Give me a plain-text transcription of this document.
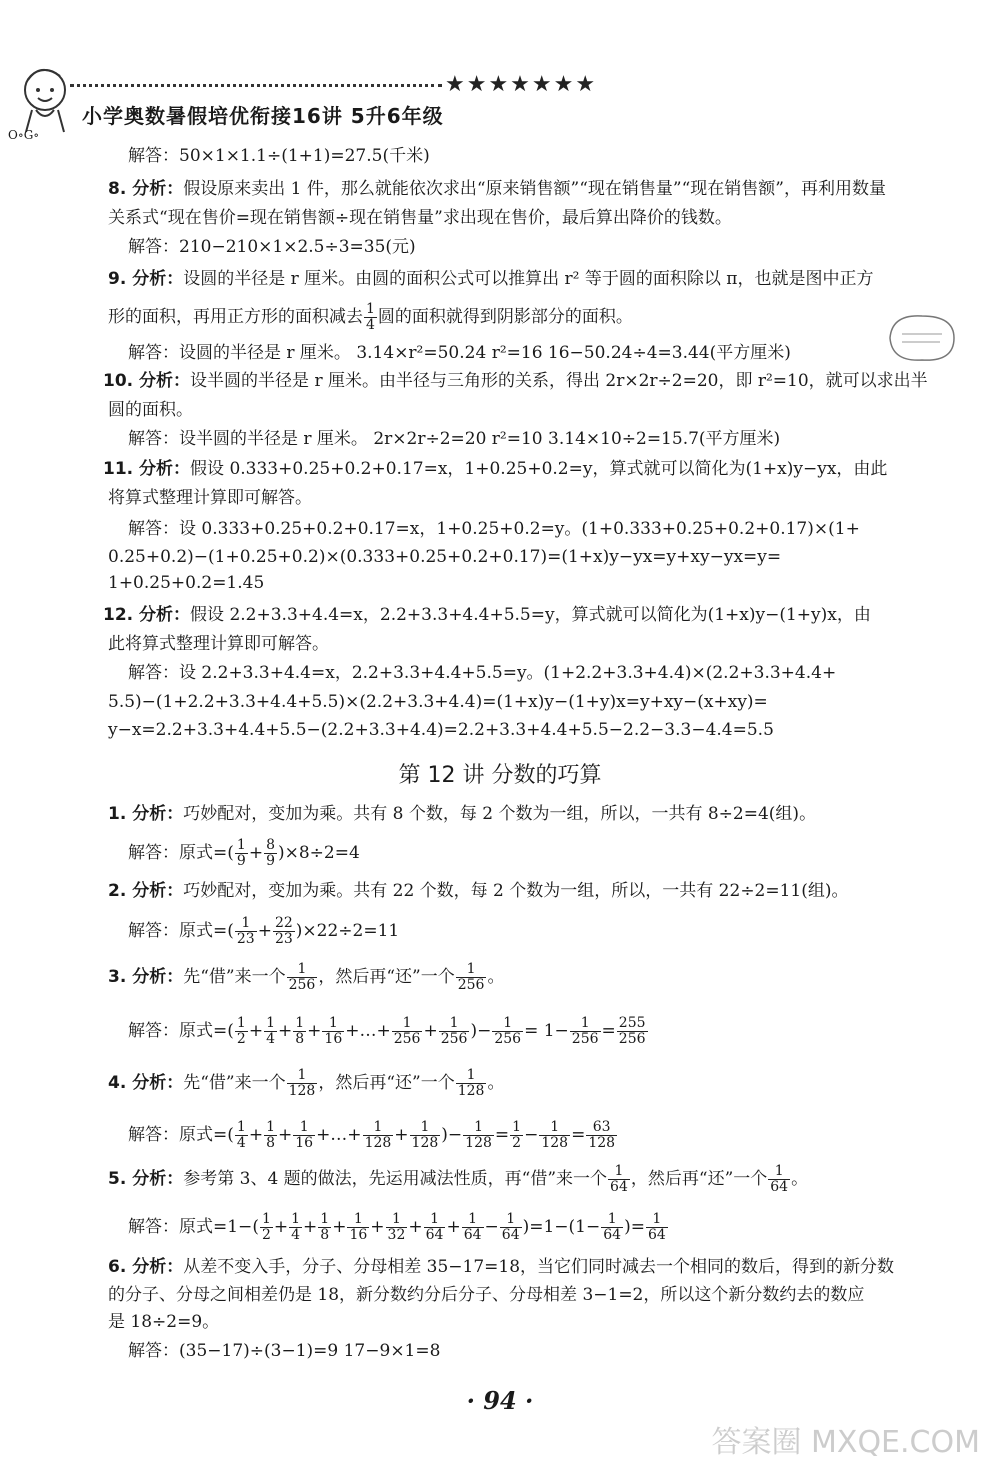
O∘G∘
★★★★★★★
小学奥数暑假培优衔接16讲 5升6年级
解答：50×1×1.1÷(1+1)=27.5(千米)
8. 分析：假设原来卖出 1 件，那么就能依次求出“原来销售额”“现在销售量”“现在销售额”，再利用数量
关系式“现在售价=现在销售额÷现在销售量”求出现在售价，最后算出降价的钱数。
解答：210−210×1×2.5÷3=35(元)
9. 分析：设圆的半径是 r 厘米。由圆的面积公式可以推算出 r² 等于圆的面积除以 π，也就是图中正方
形的面积，再用正方形的面积减去 $\frac{1}{4}$ 圆的面积就得到阴影部分的面积。
解答：设圆的半径是 r 厘米。 3.14×r²=50.24 r²=16 16−50.24÷4=3.44(平方厘米)
10. 分析：设半圆的半径是 r 厘米。由半径与三角形的关系，得出 2r×2r÷2=20，即 r²=10，就可以求出半
圆的面积。
解答：设半圆的半径是 r 厘米。 2r×2r÷2=20 r²=10 3.14×10÷2=15.7(平方厘米)
11. 分析：假设 0.333+0.25+0.2+0.17=x，1+0.25+0.2=y，算式就可以简化为(1+x)y−yx，由此
将算式整理计算即可解答。
解答：设 0.333+0.25+0.2+0.17=x，1+0.25+0.2=y。(1+0.333+0.25+0.2+0.17)×(1+
0.25+0.2)−(1+0.25+0.2)×(0.333+0.25+0.2+0.17)=(1+x)y−yx=y+xy−yx=y=
1+0.25+0.2=1.45
12. 分析：假设 2.2+3.3+4.4=x，2.2+3.3+4.4+5.5=y，算式就可以简化为(1+x)y−(1+y)x，由
此将算式整理计算即可解答。
解答：设 2.2+3.3+4.4=x，2.2+3.3+4.4+5.5=y。(1+2.2+3.3+4.4)×(2.2+3.3+4.4+
5.5)−(1+2.2+3.3+4.4+5.5)×(2.2+3.3+4.4)=(1+x)y−(1+y)x=y+xy−(x+xy)=
y−x=2.2+3.3+4.4+5.5−(2.2+3.3+4.4)=2.2+3.3+4.4+5.5−2.2−3.3−4.4=5.5
第 12 讲 分数的巧算
1. 分析：巧妙配对，变加为乘。共有 8 个数，每 2 个数为一组，所以，一共有 8÷2=4(组)。
解答：原式=( $\frac{1}{9} + \frac{8}{9} )\times 8\div 2=4$
2. 分析：巧妙配对，变加为乘。共有 22 个数，每 2 个数为一组，所以，一共有 22÷2=11(组)。
解答：原式=( $\frac{1}{23} + \frac{22}{23} )\times 22\div 2=11$
3. 分析：先“借”来一个 $\frac{1}{256}$ ，然后再“还”一个 $\frac{1}{256}$ 。
解答：原式=( $\frac{1}{2} + \frac{1}{4} + \frac{1}{8} + \frac{1}{16}$ +…+ $\frac{1}{256} + \frac{1}{256}$ )− $\frac{1}{256} = 1- \frac{1}{256} = \frac{255}{256}$
4. 分析：先“借”来一个 $\frac{1}{128}$ ，然后再“还”一个 $\frac{1}{128}$ 。
解答：原式=( $\frac{1}{4} + \frac{1}{8} + \frac{1}{16}$ +…+ $\frac{1}{128} + \frac{1}{128}$ )− $\frac{1}{128} = \frac{1}{2} - \frac{1}{128} = \frac{63}{128}$
5. 分析：参考第 3、4 题的做法，先运用减法性质，再“借”来一个 $\frac{1}{64}$ ，然后再“还”一个 $\frac{1}{64}$ 。
解答：原式$=1-( \frac{1}{2} + \frac{1}{4} + \frac{1}{8} + \frac{1}{16} + \frac{1}{32} + \frac{1}{64} + \frac{1}{64} - \frac{1}{64} )=1-(1- \frac{1}{64}$ )= $\frac{1}{64}$
6. 分析：从差不变入手，分子、分母相差 35−17=18，当它们同时减去一个相同的数后，得到的新分数
的分子、分母之间相差仍是 18，新分数约分后分子、分母相差 3−1=2，所以这个新分数约去的数应
是 18÷2=9。
解答：(35−17)÷(3−1)=9 17−9×1=8
· 94 ·
答案圈 MXQE.COM
